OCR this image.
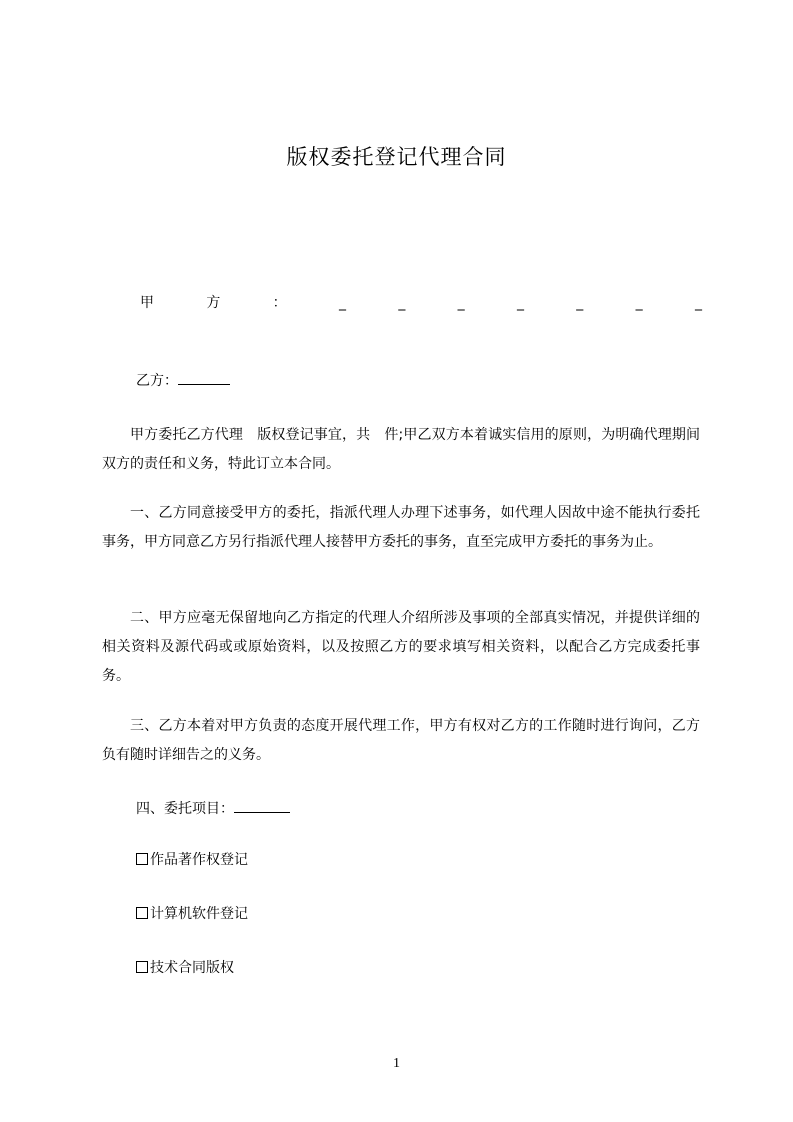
版权委托登记代理合同
甲	方	：	_	_	_	_	_	_	_
乙方：
甲方委托乙方代理　版权登记事宜，共　件;甲乙双方本着诚实信用的原则，为明确代理期间双方的责任和义务，特此订立本合同。
一、乙方同意接受甲方的委托，指派代理人办理下述事务，如代理人因故中途不能执行委托事务，甲方同意乙方另行指派代理人接替甲方委托的事务，直至完成甲方委托的事务为止。
二、甲方应毫无保留地向乙方指定的代理人介绍所涉及事项的全部真实情况，并提供详细的相关资料及源代码或或原始资料，以及按照乙方的要求填写相关资料，以配合乙方完成委托事务。
三、乙方本着对甲方负责的态度开展代理工作，甲方有权对乙方的工作随时进行询问，乙方负有随时详细告之的义务。
四、委托项目：
作品著作权登记
计算机软件登记
技术合同版权
1
